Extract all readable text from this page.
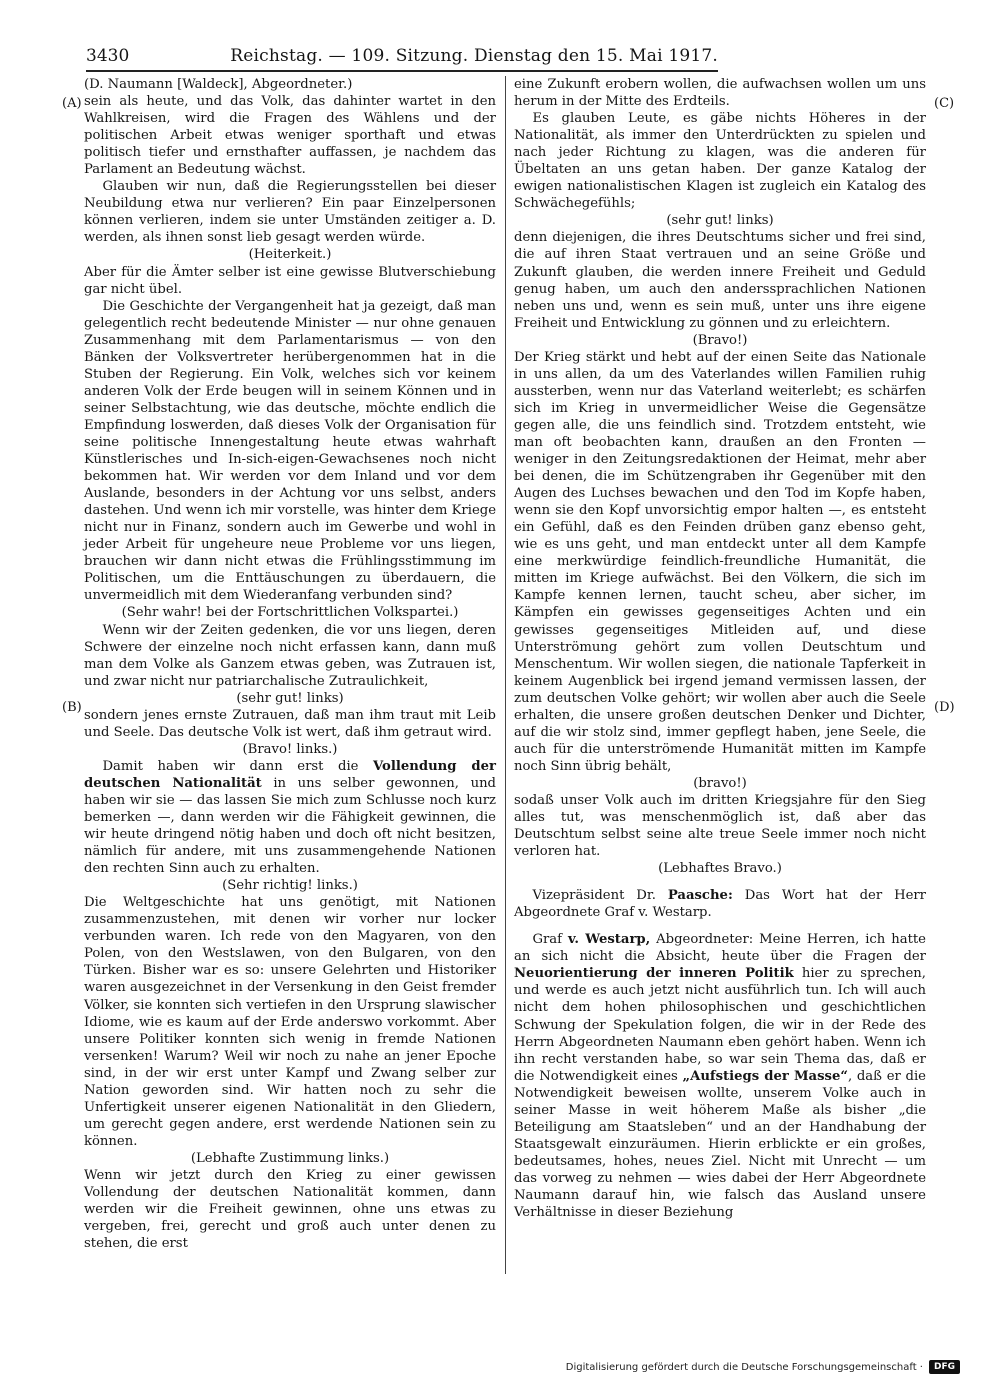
3430	Reichstag. — 109. Sitzung. Dienstag den 15. Mai 1917.
(A)
(B)
(C)
(D)

(D. Naumann [Waldeck], Abgeordneter.)

sein als heute, und das Volk, das dahinter wartet in den Wahlkreisen, wird die Fragen des Wählens und der politischen Arbeit etwas weniger sporthaft und etwas politisch tiefer und ernsthafter auffassen, je nachdem das Parlament an Bedeutung wächst.

Glauben wir nun, daß die Regierungsstellen bei dieser Neubildung etwa nur verlieren? Ein paar Einzelpersonen können verlieren, indem sie unter Umständen zeitiger a. D. werden, als ihnen sonst lieb gesagt werden würde.

(Heiterkeit.)

Aber für die Ämter selber ist eine gewisse Blutverschiebung gar nicht übel.

Die Geschichte der Vergangenheit hat ja gezeigt, daß man gelegentlich recht bedeutende Minister — nur ohne genauen Zusammenhang mit dem Parlamentarismus — von den Bänken der Volksvertreter herübergenommen hat in die Stuben der Regierung. Ein Volk, welches sich vor keinem anderen Volk der Erde beugen will in seinem Können und in seiner Selbstachtung, wie das deutsche, möchte endlich die Empfindung loswerden, daß dieses Volk der Organisation für seine politische Innengestaltung heute etwas wahrhaft Künstlerisches und In-sich-eigen-Gewachsenes noch nicht bekommen hat. Wir werden vor dem Inland und vor dem Auslande, besonders in der Achtung vor uns selbst, anders dastehen. Und wenn ich mir vorstelle, was hinter dem Kriege nicht nur in Finanz, sondern auch im Gewerbe und wohl in jeder Arbeit für ungeheure neue Probleme vor uns liegen, brauchen wir dann nicht etwas die Frühlingsstimmung im Politischen, um die Enttäuschungen zu überdauern, die unvermeidlich mit dem Wiederanfang verbunden sind?

(Sehr wahr! bei der Fortschrittlichen Volkspartei.)

Wenn wir der Zeiten gedenken, die vor uns liegen, deren Schwere der einzelne noch nicht erfassen kann, dann muß man dem Volke als Ganzem etwas geben, was Zutrauen ist, und zwar nicht nur patriarchalische Zutraulichkeit,

(sehr gut! links)

sondern jenes ernste Zutrauen, daß man ihm traut mit Leib und Seele. Das deutsche Volk ist wert, daß ihm getraut wird.

(Bravo! links.)

Damit haben wir dann erst die Vollendung der deutschen Nationalität in uns selber gewonnen, und haben wir sie — das lassen Sie mich zum Schlusse noch kurz bemerken —, dann werden wir die Fähigkeit gewinnen, die wir heute dringend nötig haben und doch oft nicht besitzen, nämlich für andere, mit uns zusammengehende Nationen den rechten Sinn auch zu erhalten.

(Sehr richtig! links.)

Die Weltgeschichte hat uns genötigt, mit Nationen zusammenzustehen, mit denen wir vorher nur locker verbunden waren. Ich rede von den Magyaren, von den Polen, von den Westslawen, von den Bulgaren, von den Türken. Bisher war es so: unsere Gelehrten und Historiker waren ausgezeichnet in der Versenkung in den Geist fremder Völker, sie konnten sich vertiefen in den Ursprung slawischer Idiome, wie es kaum auf der Erde anderswo vorkommt. Aber unsere Politiker konnten sich wenig in fremde Nationen versenken! Warum? Weil wir noch zu nahe an jener Epoche sind, in der wir erst unter Kampf und Zwang selber zur Nation geworden sind. Wir hatten noch zu sehr die Unfertigkeit unserer eigenen Nationalität in den Gliedern, um gerecht gegen andere, erst werdende Nationen sein zu können.

(Lebhafte Zustimmung links.)

Wenn wir jetzt durch den Krieg zu einer gewissen Vollendung der deutschen Nationalität kommen, dann werden wir die Freiheit gewinnen, ohne uns etwas zu vergeben, frei, gerecht und groß auch unter denen zu stehen, die erst

eine Zukunft erobern wollen, die aufwachsen wollen um uns herum in der Mitte des Erdteils.

Es glauben Leute, es gäbe nichts Höheres in der Nationalität, als immer den Unterdrückten zu spielen und nach jeder Richtung zu klagen, was die anderen für Übeltaten an uns getan haben. Der ganze Katalog der ewigen nationalistischen Klagen ist zugleich ein Katalog des Schwächegefühls;

(sehr gut! links)

denn diejenigen, die ihres Deutschtums sicher und frei sind, die auf ihren Staat vertrauen und an seine Größe und Zukunft glauben, die werden innere Freiheit und Geduld genug haben, um auch den anderssprachlichen Nationen neben uns und, wenn es sein muß, unter uns ihre eigene Freiheit und Entwicklung zu gönnen und zu erleichtern.

(Bravo!)

Der Krieg stärkt und hebt auf der einen Seite das Nationale in uns allen, da um des Vaterlandes willen Familien ruhig aussterben, wenn nur das Vaterland weiterlebt; es schärfen sich im Krieg in unvermeidlicher Weise die Gegensätze gegen alle, die uns feindlich sind. Trotzdem entsteht, wie man oft beobachten kann, draußen an den Fronten — weniger in den Zeitungsredaktionen der Heimat, mehr aber bei denen, die im Schützengraben ihr Gegenüber mit den Augen des Luchses bewachen und den Tod im Kopfe haben, wenn sie den Kopf unvorsichtig empor halten —, es entsteht ein Gefühl, daß es den Feinden drüben ganz ebenso geht, wie es uns geht, und man entdeckt unter all dem Kampfe eine merkwürdige feindlich-freundliche Humanität, die mitten im Kriege aufwächst. Bei den Völkern, die sich im Kampfe kennen lernen, taucht scheu, aber sicher, im Kämpfen ein gewisses gegenseitiges Achten und ein gewisses gegenseitiges Mitleiden auf, und diese Unterströmung gehört zum vollen Deutschtum und Menschentum. Wir wollen siegen, die nationale Tapferkeit in keinem Augenblick bei irgend jemand vermissen lassen, der zum deutschen Volke gehört; wir wollen aber auch die Seele erhalten, die unsere großen deutschen Denker und Dichter, auf die wir stolz sind, immer gepflegt haben, jene Seele, die auch für die unterströmende Humanität mitten im Kampfe noch Sinn übrig behält,

(bravo!)

sodaß unser Volk auch im dritten Kriegsjahre für den Sieg alles tut, was menschenmöglich ist, daß aber das Deutschtum selbst seine alte treue Seele immer noch nicht verloren hat.

(Lebhaftes Bravo.)

Vizepräsident Dr. Paasche: Das Wort hat der Herr Abgeordnete Graf v. Westarp.

Graf v. Westarp, Abgeordneter: Meine Herren, ich hatte an sich nicht die Absicht, heute über die Fragen der Neuorientierung der inneren Politik hier zu sprechen, und werde es auch jetzt nicht ausführlich tun. Ich will auch nicht dem hohen philosophischen und geschichtlichen Schwung der Spekulation folgen, die wir in der Rede des Herrn Abgeordneten Naumann eben gehört haben. Wenn ich ihn recht verstanden habe, so war sein Thema das, daß er die Notwendigkeit eines „Aufstiegs der Masse“, daß er die Notwendigkeit beweisen wollte, unserem Volke auch in seiner Masse in weit höherem Maße als bisher „die Beteiligung am Staatsleben“ und an der Handhabung der Staatsgewalt einzuräumen. Hierin erblickte er ein großes, bedeutsames, hohes, neues Ziel. Nicht mit Unrecht — um das vorweg zu nehmen — wies dabei der Herr Abgeordnete Naumann darauf hin, wie falsch das Ausland unsere Verhältnisse in dieser Beziehung

Digitalisierung gefördert durch die Deutsche Forschungsgemeinschaft ·	DFG
